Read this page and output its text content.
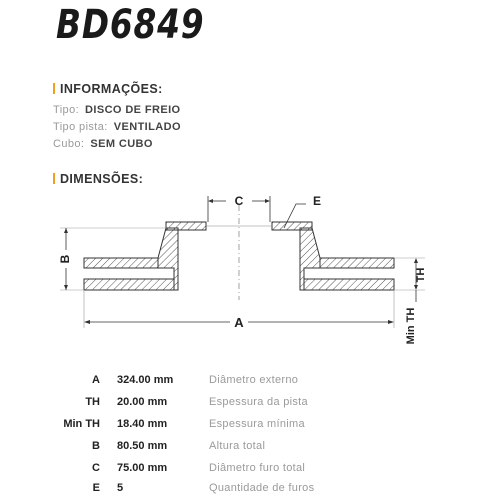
BD6849
INFORMAÇÕES:
Tipo: DISCO DE FREIO
Tipo pista: VENTILADO
Cubo: SEM CUBO
DIMENSÕES:
C	E
B
TH
Min TH
A
A 324.00 mm	Diâmetro externo
TH 20.00 mm	Espessura da pista
Min TH 18.40 mm	Espessura mínima
B 80.50 mm	Altura total
C 75.00 mm	Diâmetro furo total
E 5	Quantidade de furos
